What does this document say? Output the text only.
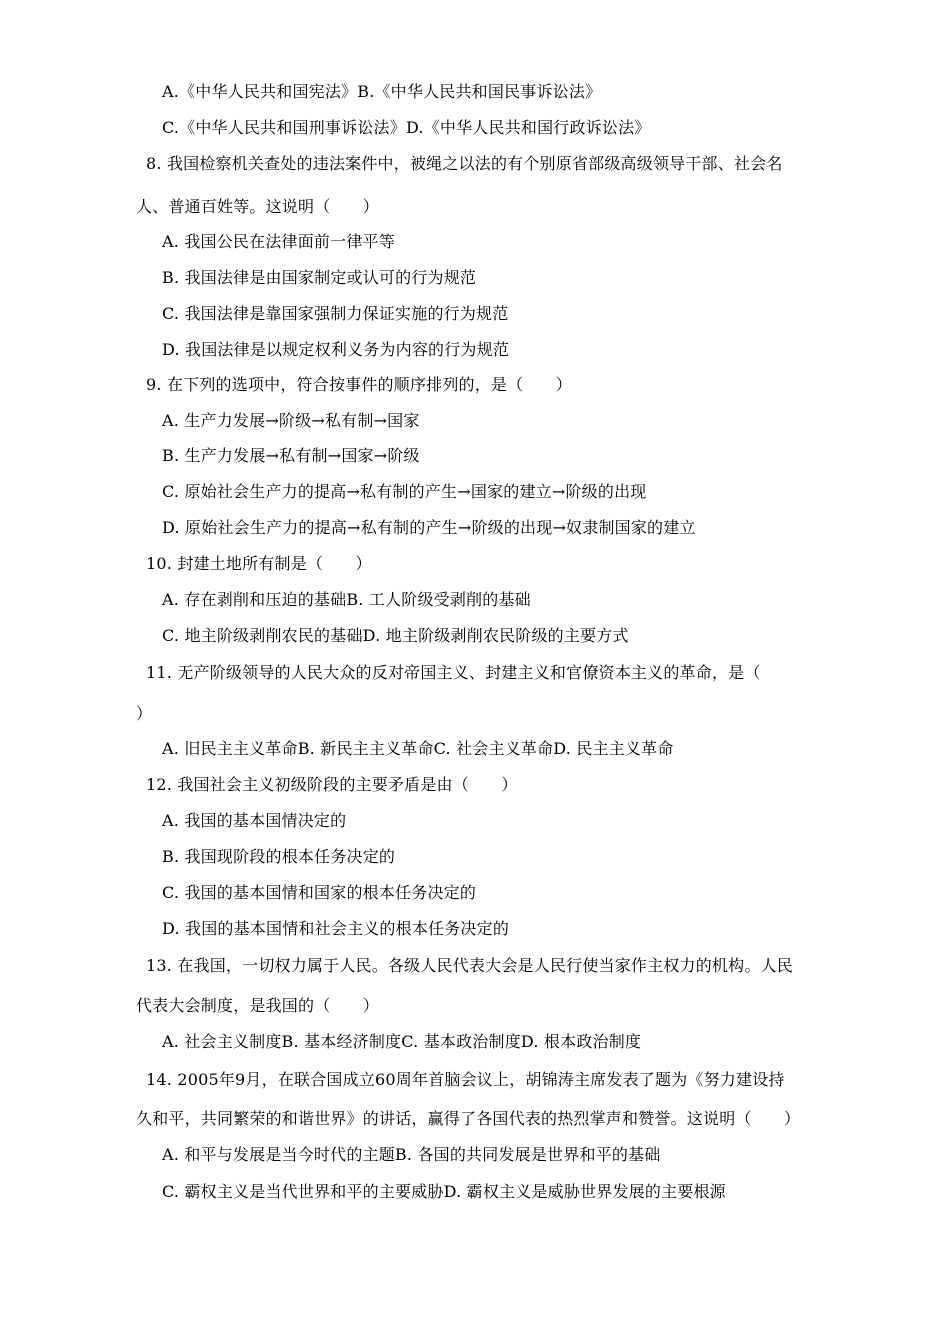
A.《中华人民共和国宪法》B.《中华人民共和国民事诉讼法》
C.《中华人民共和国刑事诉讼法》D.《中华人民共和国行政诉讼法》
8. 我国检察机关查处的违法案件中，被绳之以法的有个别原省部级高级领导干部、社会名
人、普通百姓等。这说明（　　）
A. 我国公民在法律面前一律平等
B. 我国法律是由国家制定或认可的行为规范
C. 我国法律是靠国家强制力保证实施的行为规范
D. 我国法律是以规定权利义务为内容的行为规范
9. 在下列的选项中，符合按事件的顺序排列的，是（　　）
A. 生产力发展→阶级→私有制→国家
B. 生产力发展→私有制→国家→阶级
C. 原始社会生产力的提高→私有制的产生→国家的建立→阶级的出现
D. 原始社会生产力的提高→私有制的产生→阶级的出现→奴隶制国家的建立
10. 封建土地所有制是（　　）
A. 存在剥削和压迫的基础B. 工人阶级受剥削的基础
C. 地主阶级剥削农民的基础D. 地主阶级剥削农民阶级的主要方式
11. 无产阶级领导的人民大众的反对帝国主义、封建主义和官僚资本主义的革命，是（
）
A. 旧民主主义革命B. 新民主主义革命C. 社会主义革命D. 民主主义革命
12. 我国社会主义初级阶段的主要矛盾是由（　　）
A. 我国的基本国情决定的
B. 我国现阶段的根本任务决定的
C. 我国的基本国情和国家的根本任务决定的
D. 我国的基本国情和社会主义的根本任务决定的
13. 在我国，一切权力属于人民。各级人民代表大会是人民行使当家作主权力的机构。人民
代表大会制度，是我国的（　　）
A. 社会主义制度B. 基本经济制度C. 基本政治制度D. 根本政治制度
14. 2005年9月，在联合国成立60周年首脑会议上，胡锦涛主席发表了题为《努力建设持
久和平，共同繁荣的和谐世界》的讲话，赢得了各国代表的热烈掌声和赞誉。这说明（　　）
A. 和平与发展是当今时代的主题B. 各国的共同发展是世界和平的基础
C. 霸权主义是当代世界和平的主要威胁D. 霸权主义是威胁世界发展的主要根源
